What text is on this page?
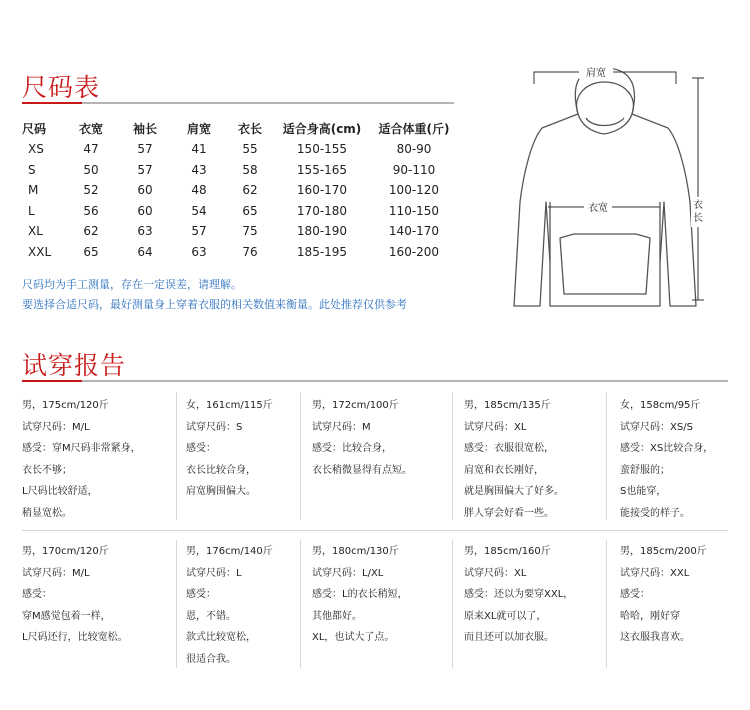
尺码表
尺码	衣宽	袖长	肩宽	衣长	适合身高(cm)	适合体重(斤)
XS	47	57	41	55	150-155	80-90
S	50	57	43	58	155-165	90-110
M	52	60	48	62	160-170	100-120
L	56	60	54	65	170-180	110-150
XL	62	63	57	75	180-190	140-170
XXL	65	64	63	76	185-195	160-200
尺码均为手工测量，存在一定误差，请理解。
要选择合适尺码，最好测量身上穿着衣服的相关数值来衡量。此处推荐仅供参考
肩宽
衣宽	衣长
试穿报告
男，175cm/120斤
试穿尺码：M/L
感受：穿M尺码非常紧身，
衣长不够；
L尺码比较舒适，
稍显宽松。
女，161cm/115斤
试穿尺码：S
感受：
衣长比较合身，
肩宽胸围偏大。
男，172cm/100斤
试穿尺码：M
感受：比较合身，
衣长稍微显得有点短。
男，185cm/135斤
试穿尺码：XL
感受：衣服很宽松，
肩宽和衣长刚好，
就是胸围偏大了好多。
胖人穿会好看一些。
女，158cm/95斤
试穿尺码：XS/S
感受：XS比较合身，
蛮舒服的；
S也能穿，
能接受的样子。
男，170cm/120斤
试穿尺码：M/L
感受：
穿M感觉包着一样，
L尺码还行，比较宽松。
男，176cm/140斤
试穿尺码：L
感受：
恩，不错。
款式比较宽松，
很适合我。
男，180cm/130斤
试穿尺码：L/XL
感受：L的衣长稍短，
其他都好。
XL，也试大了点。
男，185cm/160斤
试穿尺码：XL
感受：还以为要穿XXL，
原来XL就可以了，
而且还可以加衣服。
男，185cm/200斤
试穿尺码：XXL
感受：
哈哈，刚好穿
这衣服我喜欢。
